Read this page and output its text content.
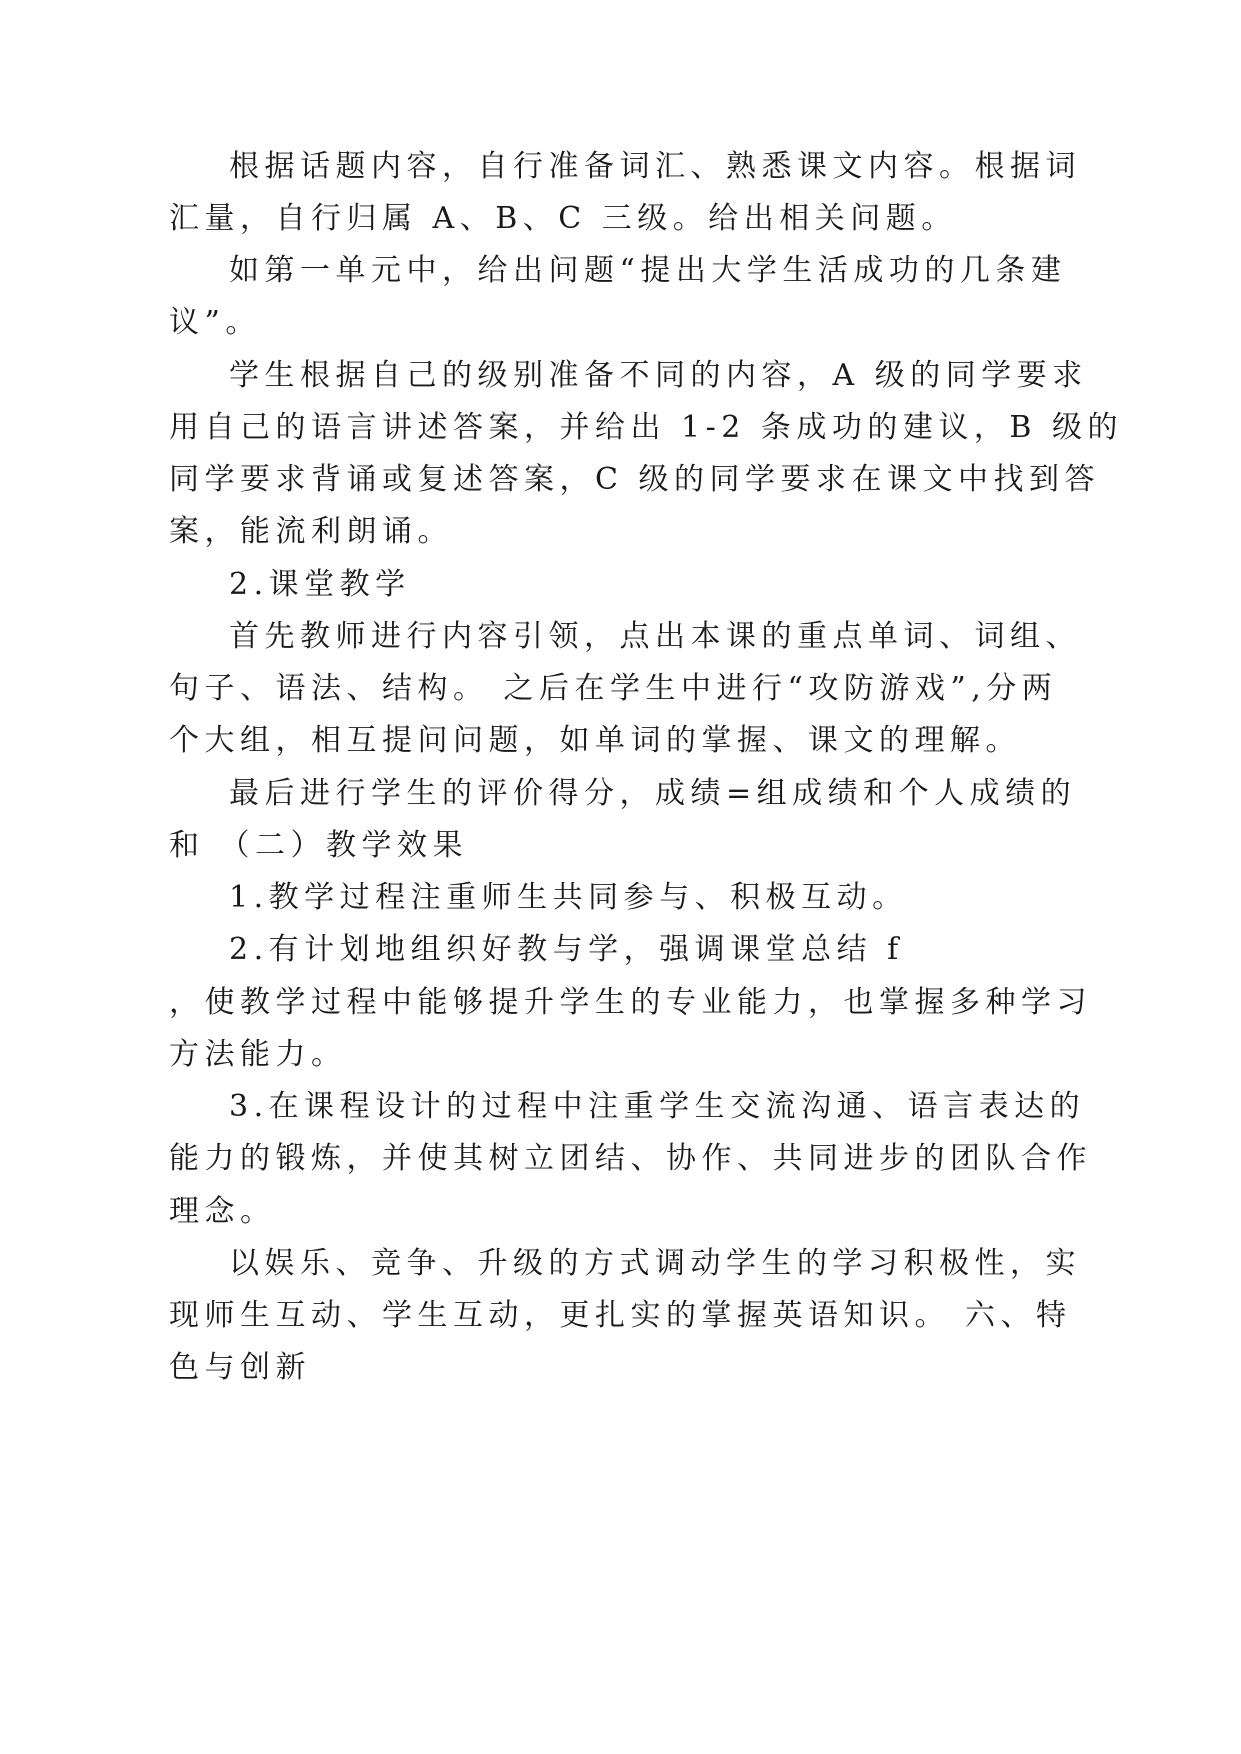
根据话题内容，自行准备词汇、熟悉课文内容。根据词
汇量，自行归属 A、B、C 三级。给出相关问题。
如第一单元中，给出问题“提出大学生活成功的几条建
议”。
学生根据自己的级别准备不同的内容，A 级的同学要求
用自己的语言讲述答案，并给出 1-2 条成功的建议，B 级的
同学要求背诵或复述答案，C 级的同学要求在课文中找到答
案，能流利朗诵。
2.课堂教学
首先教师进行内容引领，点出本课的重点单词、词组、
句子、语法、结构。 之后在学生中进行“攻防游戏”,分两
个大组，相互提问问题，如单词的掌握、课文的理解。
最后进行学生的评价得分，成绩=组成绩和个人成绩的
和 （二）教学效果
1.教学过程注重师生共同参与、积极互动。
2.有计划地组织好教与学，强调课堂总结 f
，使教学过程中能够提升学生的专业能力，也掌握多种学习
方法能力。
3.在课程设计的过程中注重学生交流沟通、语言表达的
能力的锻炼，并使其树立团结、协作、共同进步的团队合作
理念。
以娱乐、竞争、升级的方式调动学生的学习积极性，实
现师生互动、学生互动，更扎实的掌握英语知识。 六、特
色与创新
